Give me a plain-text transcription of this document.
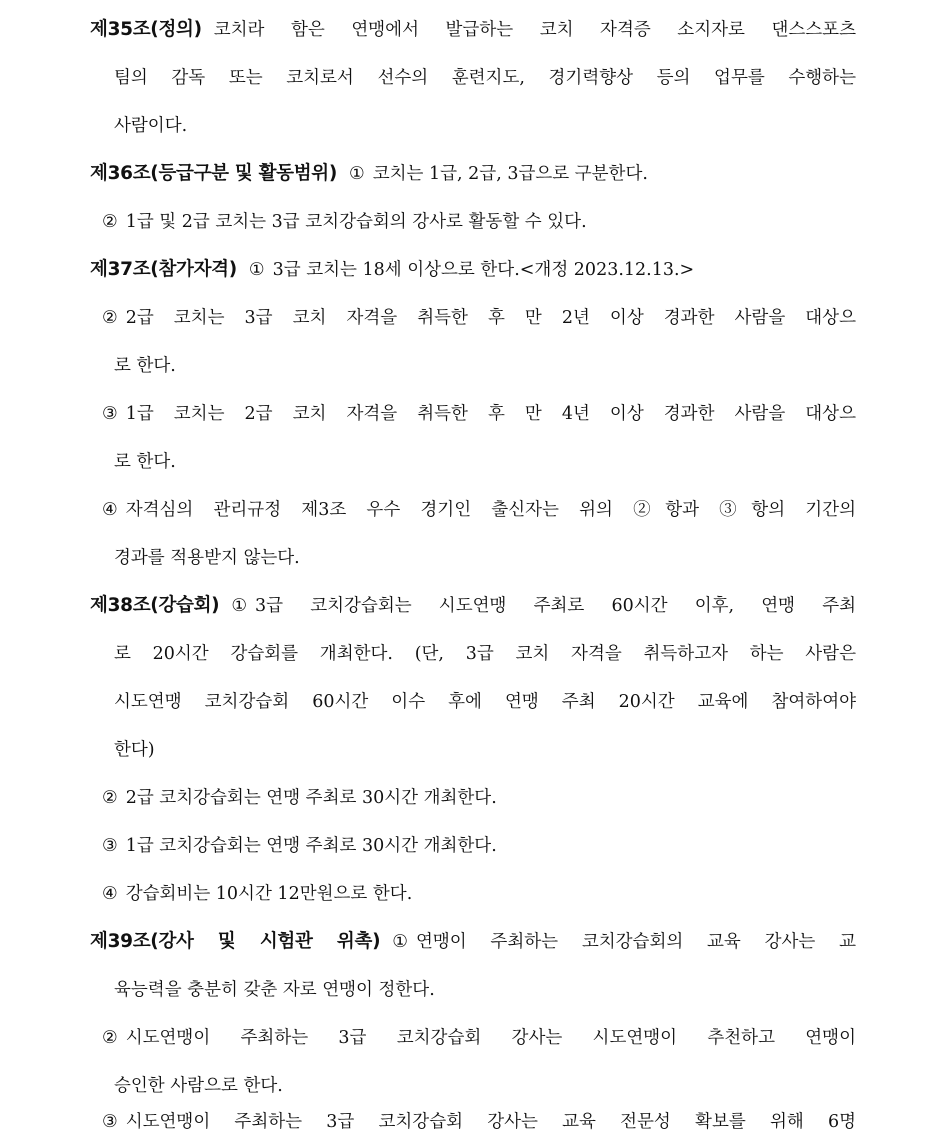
제35조(정의) 코치라 함은 연맹에서 발급하는 코치 자격증 소지자로 댄스스포츠
팀의 감독 또는 코치로서 선수의 훈련지도, 경기력향상 등의 업무를 수행하는
사람이다.
제36조(등급구분 및 활동범위) ① 코치는 1급, 2급, 3급으로 구분한다.
② 1급 및 2급 코치는 3급 코치강습회의 강사로 활동할 수 있다.
제37조(참가자격) ① 3급 코치는 18세 이상으로 한다.<개정 2023.12.13.>
② 2급 코치는 3급 코치 자격을 취득한 후 만 2년 이상 경과한 사람을 대상으
로 한다.
③ 1급 코치는 2급 코치 자격을 취득한 후 만 4년 이상 경과한 사람을 대상으
로 한다.
④ 자격심의 관리규정 제3조 우수 경기인 출신자는 위의 ②항과 ③항의 기간의
경과를 적용받지 않는다.
제38조(강습회) ① 3급 코치강습회는 시도연맹 주최로 60시간 이후, 연맹 주최
로 20시간 강습회를 개최한다. (단, 3급 코치 자격을 취득하고자 하는 사람은
시도연맹 코치강습회 60시간 이수 후에 연맹 주최 20시간 교육에 참여하여야
한다)
② 2급 코치강습회는 연맹 주최로 30시간 개최한다.
③ 1급 코치강습회는 연맹 주최로 30시간 개최한다.
④ 강습회비는 10시간 12만원으로 한다.
제39조(강사 및 시험관 위촉) ① 연맹이 주최하는 코치강습회의 교육 강사는 교
육능력을 충분히 갖춘 자로 연맹이 정한다.
② 시도연맹이 주최하는 3급 코치강습회 강사는 시도연맹이 추천하고 연맹이
승인한 사람으로 한다.
③ 시도연맹이 주최하는 3급 코치강습회 강사는 교육 전문성 확보를 위해 6명
